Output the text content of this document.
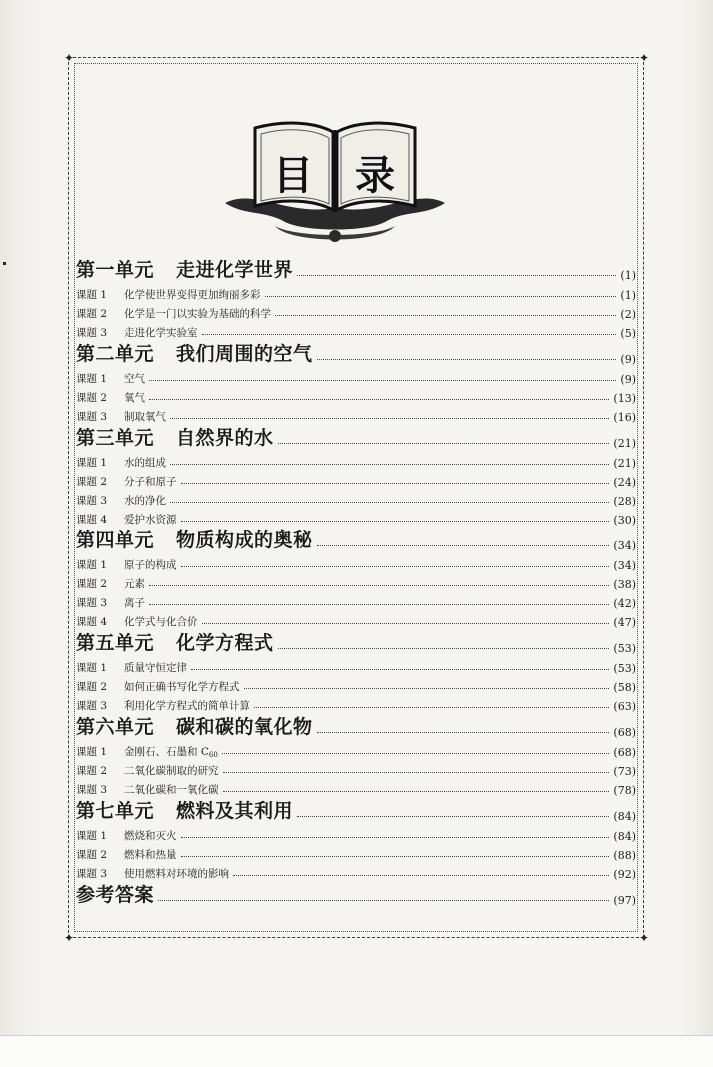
✦	✦
✦	✦
目 录
第一单元 走进化学世界	(1)
课题 1 化学使世界变得更加绚丽多彩	(1)
课题 2 化学是一门以实验为基础的科学	(2)
课题 3 走进化学实验室	(5)
第二单元 我们周围的空气	(9)
课题 1 空气	(9)
课题 2 氧气	(13)
课题 3 制取氧气	(16)
第三单元 自然界的水	(21)
课题 1 水的组成	(21)
课题 2 分子和原子	(24)
课题 3 水的净化	(28)
课题 4 爱护水资源	(30)
第四单元 物质构成的奥秘	(34)
课题 1 原子的构成	(34)
课题 2 元素	(38)
课题 3 离子	(42)
课题 4 化学式与化合价	(47)
第五单元 化学方程式	(53)
课题 1 质量守恒定律	(53)
课题 2 如何正确书写化学方程式	(58)
课题 3 利用化学方程式的简单计算	(63)
第六单元 碳和碳的氧化物	(68)
课题 1 金刚石、石墨和 $C_{60}$	(68)
课题 2 二氧化碳制取的研究	(73)
课题 3 二氧化碳和一氧化碳	(78)
第七单元 燃料及其利用	(84)
课题 1 燃烧和灭火	(84)
课题 2 燃料和热量	(88)
课题 3 使用燃料对环境的影响	(92)
参考答案	(97)
